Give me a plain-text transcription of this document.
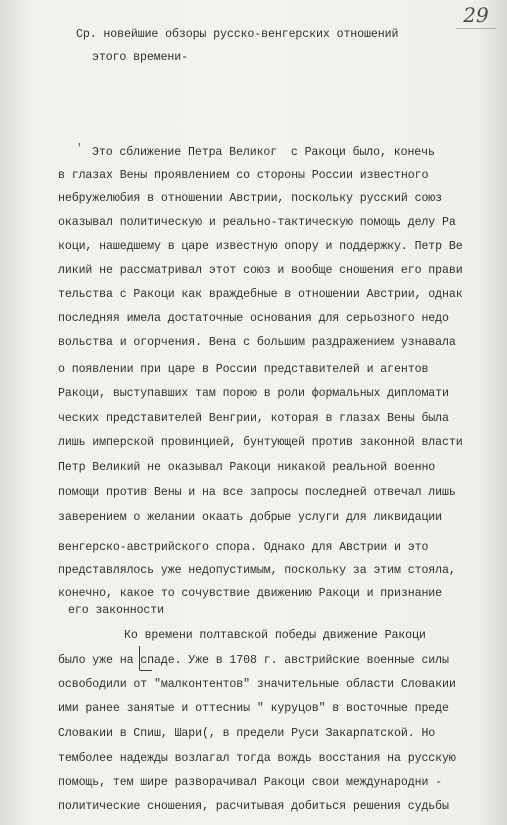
29
Ср. новейшие обзоры русско-венгерских отношений
этого времени-
' Это сближение Петра Великог  с Ракоци было, конечь
в глазах Вены проявлением со стороны России известного
небружелюбия в отношении Австрии, поскольку русский союз
оказывал политическую и реально-тактическую помощь делу Ра
коци, нашедшему в царе известную опору и поддержку. Петр Ве
ликий не рассматривал этот союз и вообще сношения его прави
тельства с Ракоци как враждебные в отношении Австрии, однак
последняя имела достаточные основания для серьозного недо
вольства и огорчения. Вена с большим раздражением узнавала
о появлении при царе в России представителей и агентов
Ракоци, выступавших там порою в роли формальных дипломати
ческих представителей Венгрии, которая в глазах Вены была
лишь имперской провинцией, бунтующей против законной власти
Петр Великий не оказывал Ракоци никакой реальной военно
помощи против Вены и на все запросы последней отвечал лишь
заверением о желании окаать добрые услуги для ликвидации
венгерско-австрийского спора. Однако для Австрии и это
представлялось уже недопустимым, поскольку за этим стояла,
конечно, какое то сочувствие движению Ракоци и признание
его законности
Ко времени полтавской победы движение Ракоци
было уже на спаде. Уже в 1708 г. австрийские военные силы
освободили от "малконтентов" значительные области Словакии
ими ранее занятые и оттесниы " куруцов" в восточные преде
Словакии в Спиш, Шари(, в предели Руси Закарпатской. Но
темболее надежды возлагал тогда вождь восстания на русскую
помощь, тем шире разворачивал Ракоци свои международни -
политические сношения, расчитывая добиться решения судьбы
